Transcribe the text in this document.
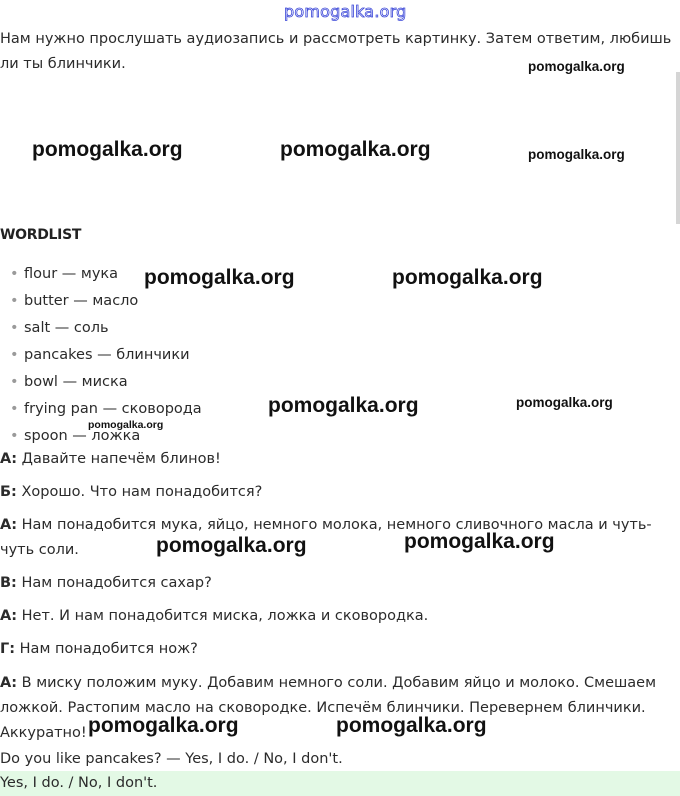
pomogalka.org

Нам нужно прослушать аудиозапись и рассмотреть картинку. Затем ответим, любишь ли ты блинчики.

WORDLIST
• flour — мука
• butter — масло
• salt — соль
• pancakes — блинчики
• bowl — миска
• frying pan — сковорода
• spoon — ложка

А: Давайте напечём блинов!

Б: Хорошо. Что нам понадобится?

А: Нам понадобится мука, яйцо, немного молока, немного сливочного масла и чуть-чуть соли.

В: Нам понадобится сахар?

А: Нет. И нам понадобится миска, ложка и сковородка.

Г: Нам понадобится нож?

А: В миску положим муку. Добавим немного соли. Добавим яйцо и молоко. Смешаем ложкой. Растопим масло на сковородке. Испечём блинчики. Перевернем блинчики. Аккуратно!

Do you like pancakes? — Yes, I do. / No, I don't.

Yes, I do. / No, I don't.
pomogalka.org
pomogalka.org	pomogalka.org	pomogalka.org
pomogalka.org	pomogalka.org
pomogalka.org	pomogalka.org
pomogalka.org
pomogalka.org	pomogalka.org
pomogalka.org	pomogalka.org
